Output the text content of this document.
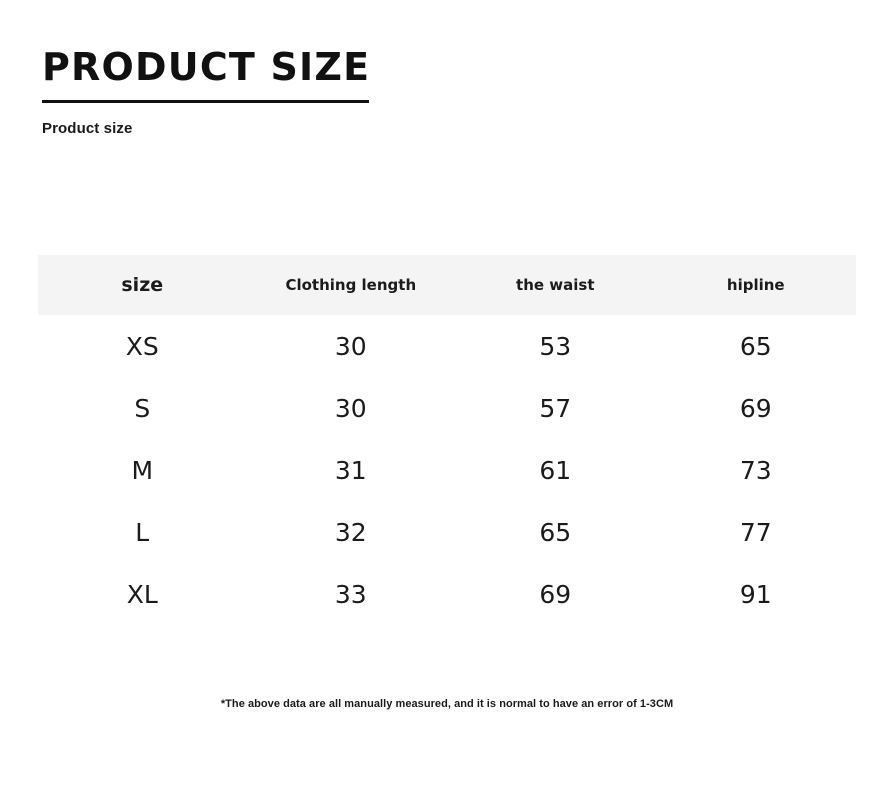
PRODUCT SIZE
Product size
size	Clothing length	the waist	hipline
XS	30	53	65
S	30	57	69
M	31	61	73
L	32	65	77
XL	33	69	91
*The above data are all manually measured, and it is normal to have an error of 1-3CM
